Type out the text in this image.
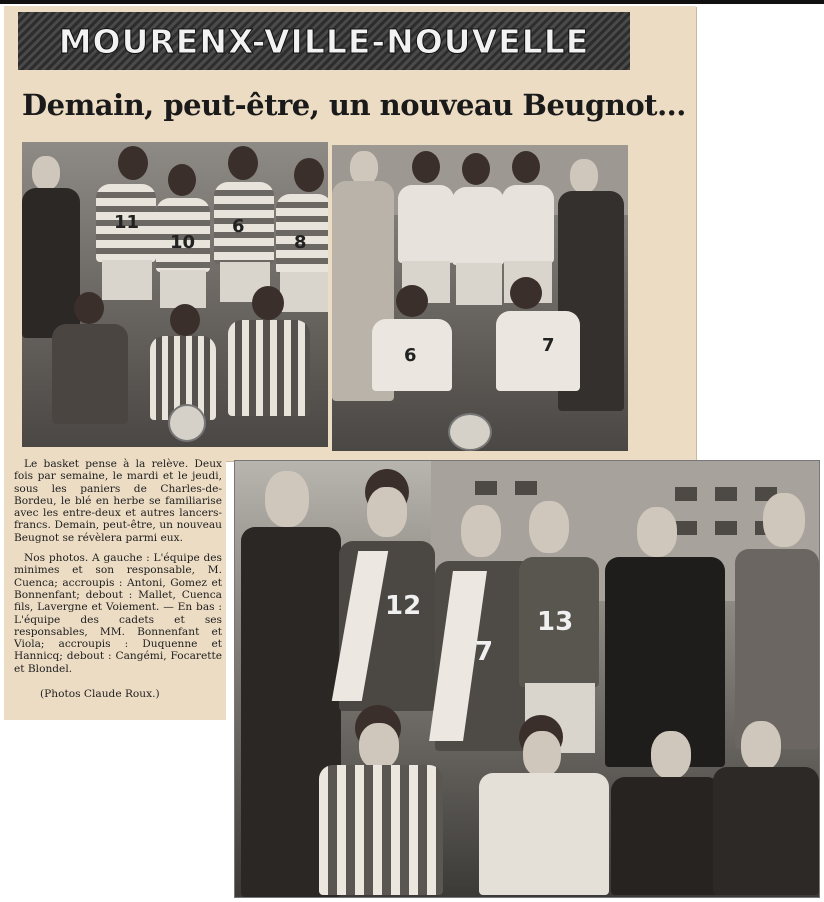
MOURENX-VILLE-NOUVELLE
Demain, peut-être, un nouveau Beugnot...
11
10
6
8
6	7

Le basket pense à la relève. Deux fois par semaine, le mardi et le jeudi, sous les paniers de Charles-de-Bordeu, le blé en herbe se familiarise avec les entre-deux et autres lancers-francs. Demain, peut-être, un nouveau Beugnot se révèlera parmi eux.

Nos photos. A gauche : L'équipe des minimes et son responsable, M. Cuenca; accroupis : Antoni, Gomez et Bonnenfant; debout : Mallet, Cuenca fils, Lavergne et Voiement. — En bas : L'équipe des cadets et ses responsables, MM. Bonnenfant et Viola; accroupis : Duquenne et Hannicq; debout : Cangémi, Focarette et Blondel.

(Photos Claude Roux.)
12
7
13
